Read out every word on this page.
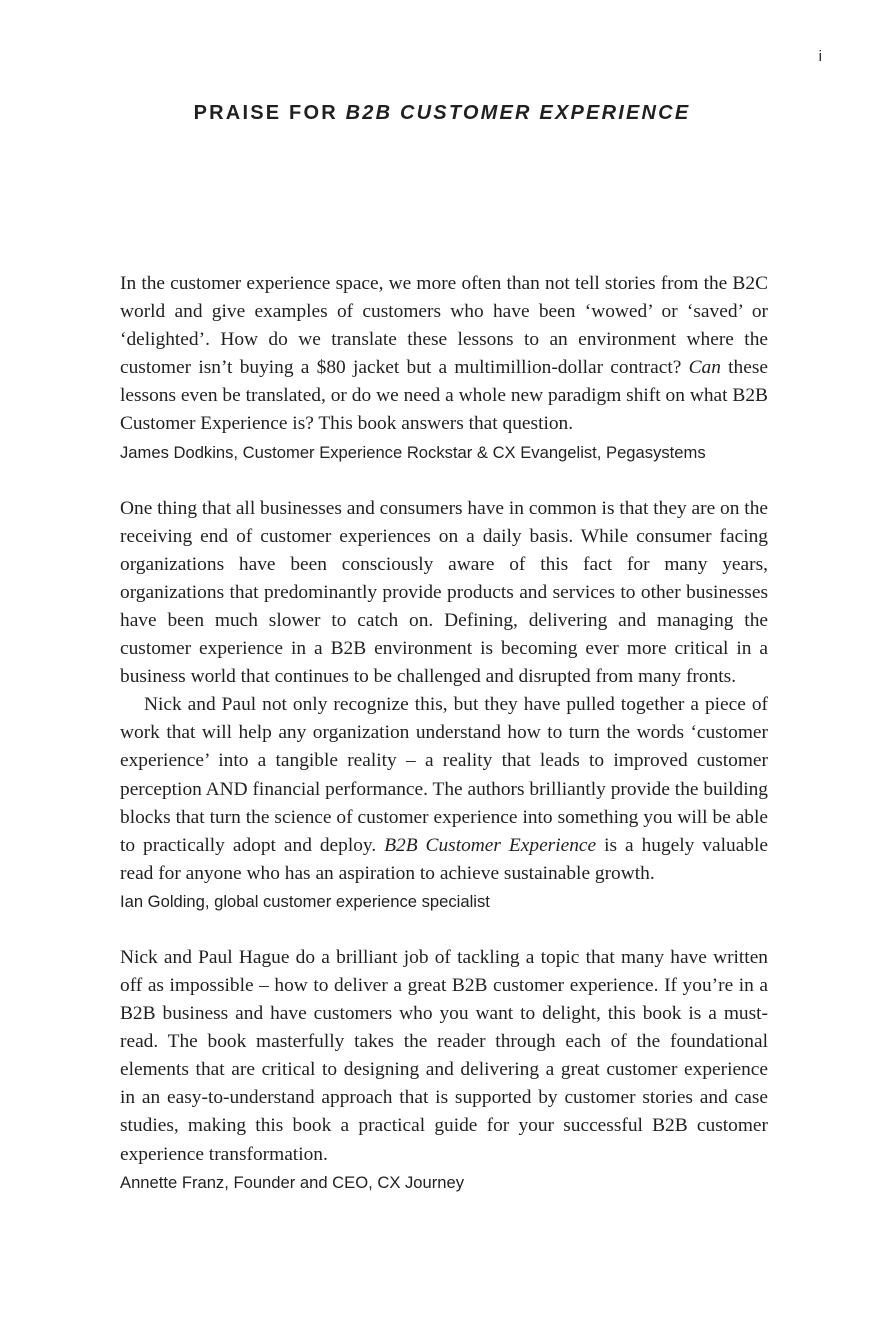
i
PRAISE FOR B2B CUSTOMER EXPERIENCE

In the customer experience space, we more often than not tell stories from the B2C world and give examples of customers who have been ‘wowed’ or ‘saved’ or ‘delighted’. How do we translate these lessons to an environment where the customer isn’t buying a $80 jacket but a multimillion-dollar contract? Can these lessons even be translated, or do we need a whole new paradigm shift on what B2B Customer Experience is? This book answers that question.

James Dodkins, Customer Experience Rockstar & CX Evangelist, Pegasystems

One thing that all businesses and consumers have in common is that they are on the receiving end of customer experiences on a daily basis. While consumer facing organizations have been consciously aware of this fact for many years, organizations that predominantly provide products and services to other businesses have been much slower to catch on. Defining, delivering and managing the customer experience in a B2B environment is becoming ever more critical in a business world that continues to be challenged and disrupted from many fronts.

Nick and Paul not only recognize this, but they have pulled together a piece of work that will help any organization understand how to turn the words ‘customer experience’ into a tangible reality – a reality that leads to improved customer perception AND financial performance. The authors brilliantly provide the building blocks that turn the science of customer experience into something you will be able to practically adopt and deploy. B2B Customer Experience is a hugely valuable read for anyone who has an aspiration to achieve sustainable growth.

Ian Golding, global customer experience specialist

Nick and Paul Hague do a brilliant job of tackling a topic that many have written off as impossible – how to deliver a great B2B customer experience. If you’re in a B2B business and have customers who you want to delight, this book is a must-read. The book masterfully takes the reader through each of the foundational elements that are critical to designing and delivering a great customer experience in an easy-to-understand approach that is supported by customer stories and case studies, making this book a practical guide for your successful B2B customer experience transformation.

Annette Franz, Founder and CEO, CX Journey
